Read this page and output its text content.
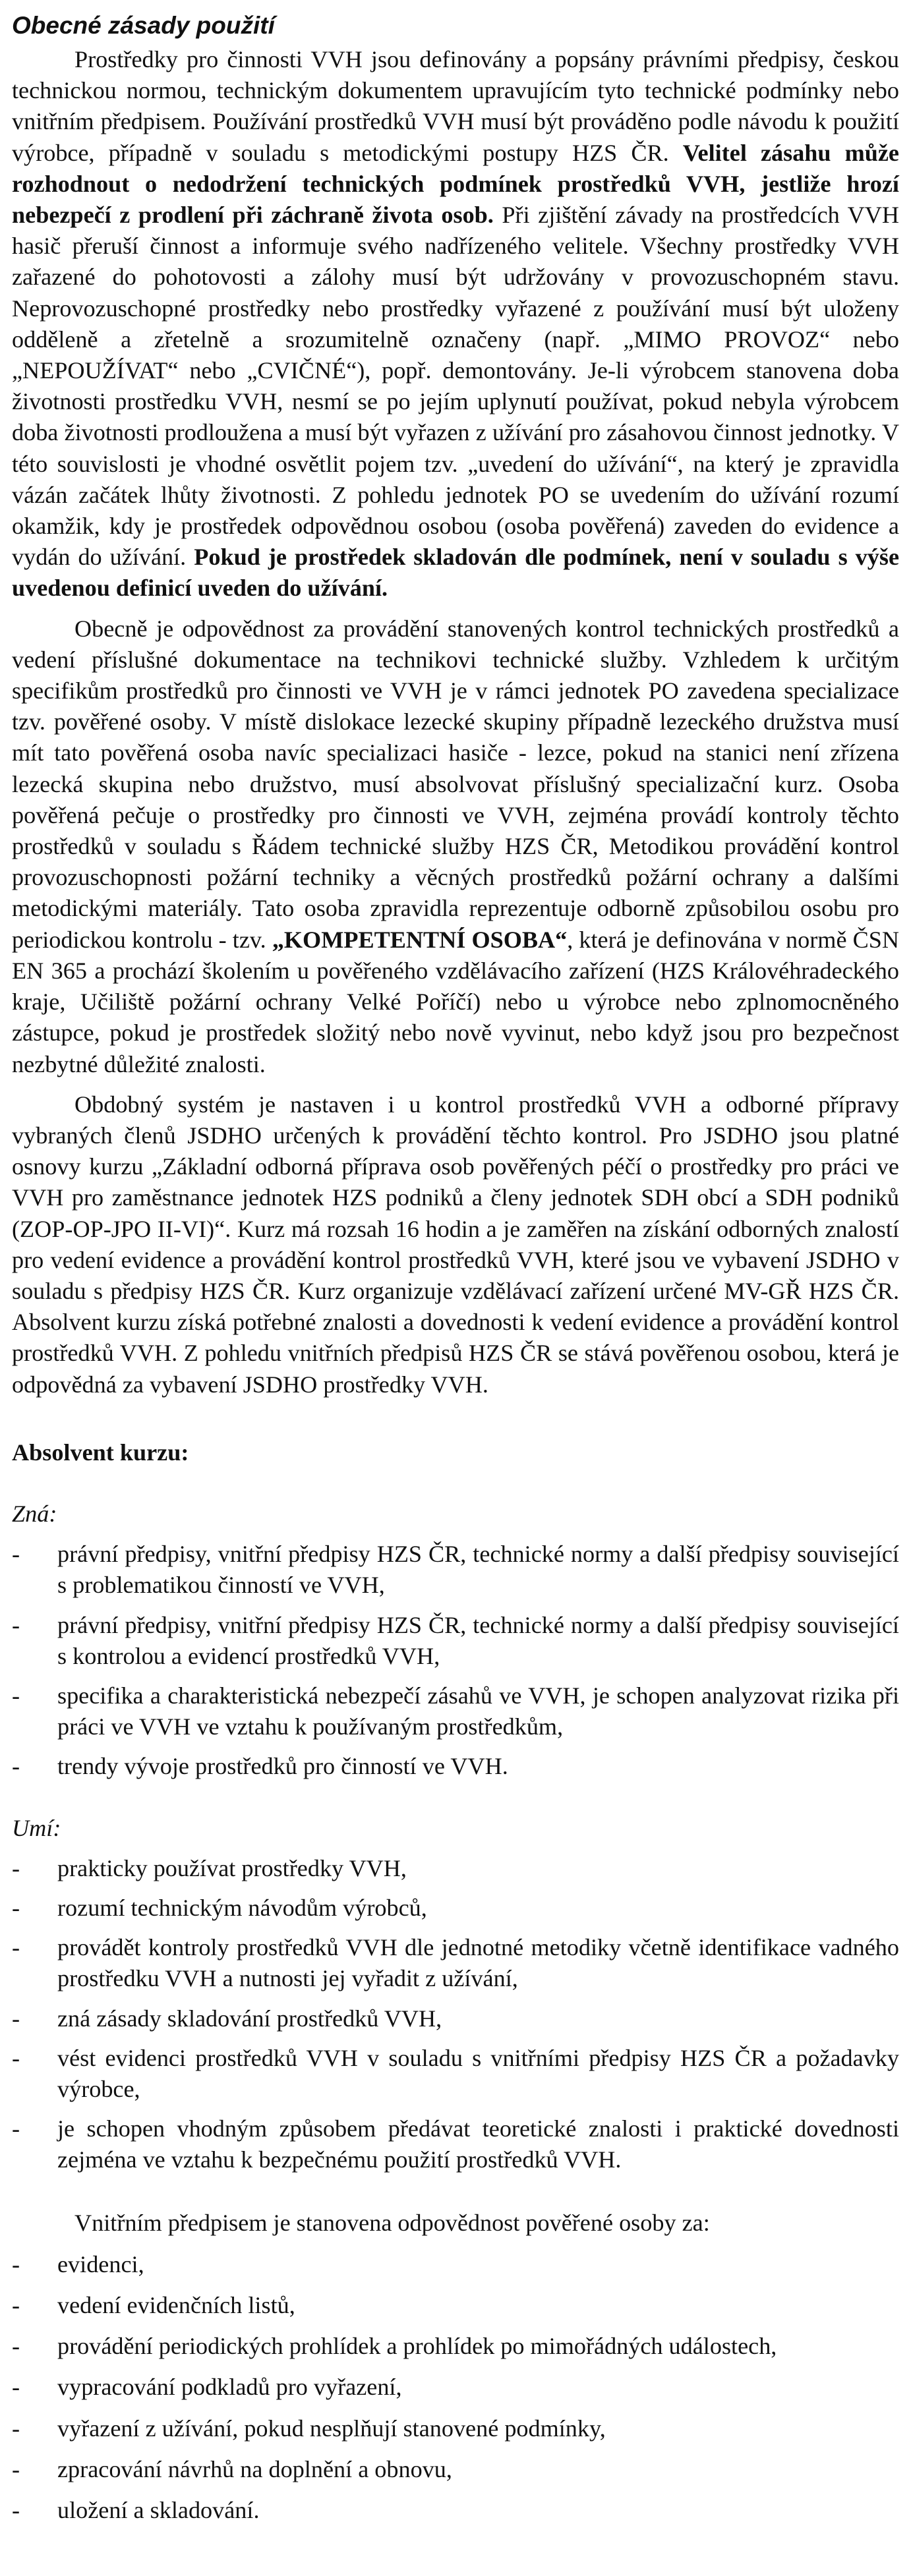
Obecné zásady použití

Prostředky pro činnosti VVH jsou definovány a popsány právními předpisy, českou technickou normou, technickým dokumentem upravujícím tyto technické podmínky nebo vnitřním předpisem. Používání prostředků VVH musí být prováděno podle návodu k použití výrobce, případně v souladu s metodickými postupy HZS ČR. Velitel zásahu může rozhodnout o nedodržení technických podmínek prostředků VVH, jestliže hrozí nebezpečí z prodlení při záchraně života osob. Při zjištění závady na prostředcích VVH hasič přeruší činnost a informuje svého nadřízeného velitele. Všechny prostředky VVH zařazené do pohotovosti a zálohy musí být udržovány v provozuschopném stavu. Neprovozuschopné prostředky nebo prostředky vyřazené z používání musí být uloženy odděleně a zřetelně a srozumitelně označeny (např. „MIMO PROVOZ“ nebo „NEPOUŽÍVAT“ nebo „CVIČNÉ“), popř. demontovány. Je-li výrobcem stanovena doba životnosti prostředku VVH, nesmí se po jejím uplynutí používat, pokud nebyla výrobcem doba životnosti prodloužena a musí být vyřazen z užívání pro zásahovou činnost jednotky. V této souvislosti je vhodné osvětlit pojem tzv. „uvedení do užívání“, na který je zpravidla vázán začátek lhůty životnosti. Z pohledu jednotek PO se uvedením do užívání rozumí okamžik, kdy je prostředek odpovědnou osobou (osoba pověřená) zaveden do evidence a vydán do užívání. Pokud je prostředek skladován dle podmínek, není v souladu s výše uvedenou definicí uveden do užívání.

Obecně je odpovědnost za provádění stanovených kontrol technických prostředků a vedení příslušné dokumentace na technikovi technické služby. Vzhledem k určitým specifikům prostředků pro činnosti ve VVH je v rámci jednotek PO zavedena specializace tzv. pověřené osoby. V místě dislokace lezecké skupiny případně lezeckého družstva musí mít tato pověřená osoba navíc specializaci hasiče - lezce, pokud na stanici není zřízena lezecká skupina nebo družstvo, musí absolvovat příslušný specializační kurz. Osoba pověřená pečuje o prostředky pro činnosti ve VVH, zejména provádí kontroly těchto prostředků v souladu s Řádem technické služby HZS ČR, Metodikou provádění kontrol provozuschopnosti požární techniky a věcných prostředků požární ochrany a dalšími metodickými materiály. Tato osoba zpravidla reprezentuje odborně způsobilou osobu pro periodickou kontrolu - tzv. „KOMPETENTNÍ OSOBA“, která je definována v normě ČSN EN 365 a prochází školením u pověřeného vzdělávacího zařízení (HZS Královéhradeckého kraje, Učiliště požární ochrany Velké Poříčí) nebo u výrobce nebo zplnomocněného zástupce, pokud je prostředek složitý nebo nově vyvinut, nebo když jsou pro bezpečnost nezbytné důležité znalosti.

Obdobný systém je nastaven i u kontrol prostředků VVH a odborné přípravy vybraných členů JSDHO určených k provádění těchto kontrol. Pro JSDHO jsou platné osnovy kurzu „Základní odborná příprava osob pověřených péčí o prostředky pro práci ve VVH pro zaměstnance jednotek HZS podniků a členy jednotek SDH obcí a SDH podniků (ZOP-OP-JPO II-VI)“. Kurz má rozsah 16 hodin a je zaměřen na získání odborných znalostí pro vedení evidence a provádění kontrol prostředků VVH, které jsou ve vybavení JSDHO v souladu s předpisy HZS ČR. Kurz organizuje vzdělávací zařízení určené MV-GŘ HZS ČR. Absolvent kurzu získá potřebné znalosti a dovednosti k vedení evidence a provádění kontrol prostředků VVH. Z pohledu vnitřních předpisů HZS ČR se stává pověřenou osobou, která je odpovědná za vybavení JSDHO prostředky VVH.

Absolvent kurzu:

Zná:

- právní předpisy, vnitřní předpisy HZS ČR, technické normy a další předpisy související s problematikou činností ve VVH,
- právní předpisy, vnitřní předpisy HZS ČR, technické normy a další předpisy související s kontrolou a evidencí prostředků VVH,
- specifika a charakteristická nebezpečí zásahů ve VVH, je schopen analyzovat rizika při práci ve VVH ve vztahu k používaným prostředkům,
- trendy vývoje prostředků pro činností ve VVH.

Umí:

- prakticky používat prostředky VVH,
- rozumí technickým návodům výrobců,
- provádět kontroly prostředků VVH dle jednotné metodiky včetně identifikace vadného prostředku VVH a nutnosti jej vyřadit z užívání,
- zná zásady skladování prostředků VVH,
- vést evidenci prostředků VVH v souladu s vnitřními předpisy HZS ČR a požadavky výrobce,
- je schopen vhodným způsobem předávat teoretické znalosti i praktické dovednosti zejména ve vztahu k bezpečnému použití prostředků VVH.

Vnitřním předpisem je stanovena odpovědnost pověřené osoby za:

- evidenci,
- vedení evidenčních listů,
- provádění periodických prohlídek a prohlídek po mimořádných událostech,
- vypracování podkladů pro vyřazení,
- vyřazení z užívání, pokud nesplňují stanovené podmínky,
- zpracování návrhů na doplnění a obnovu,
- uložení a skladování.
